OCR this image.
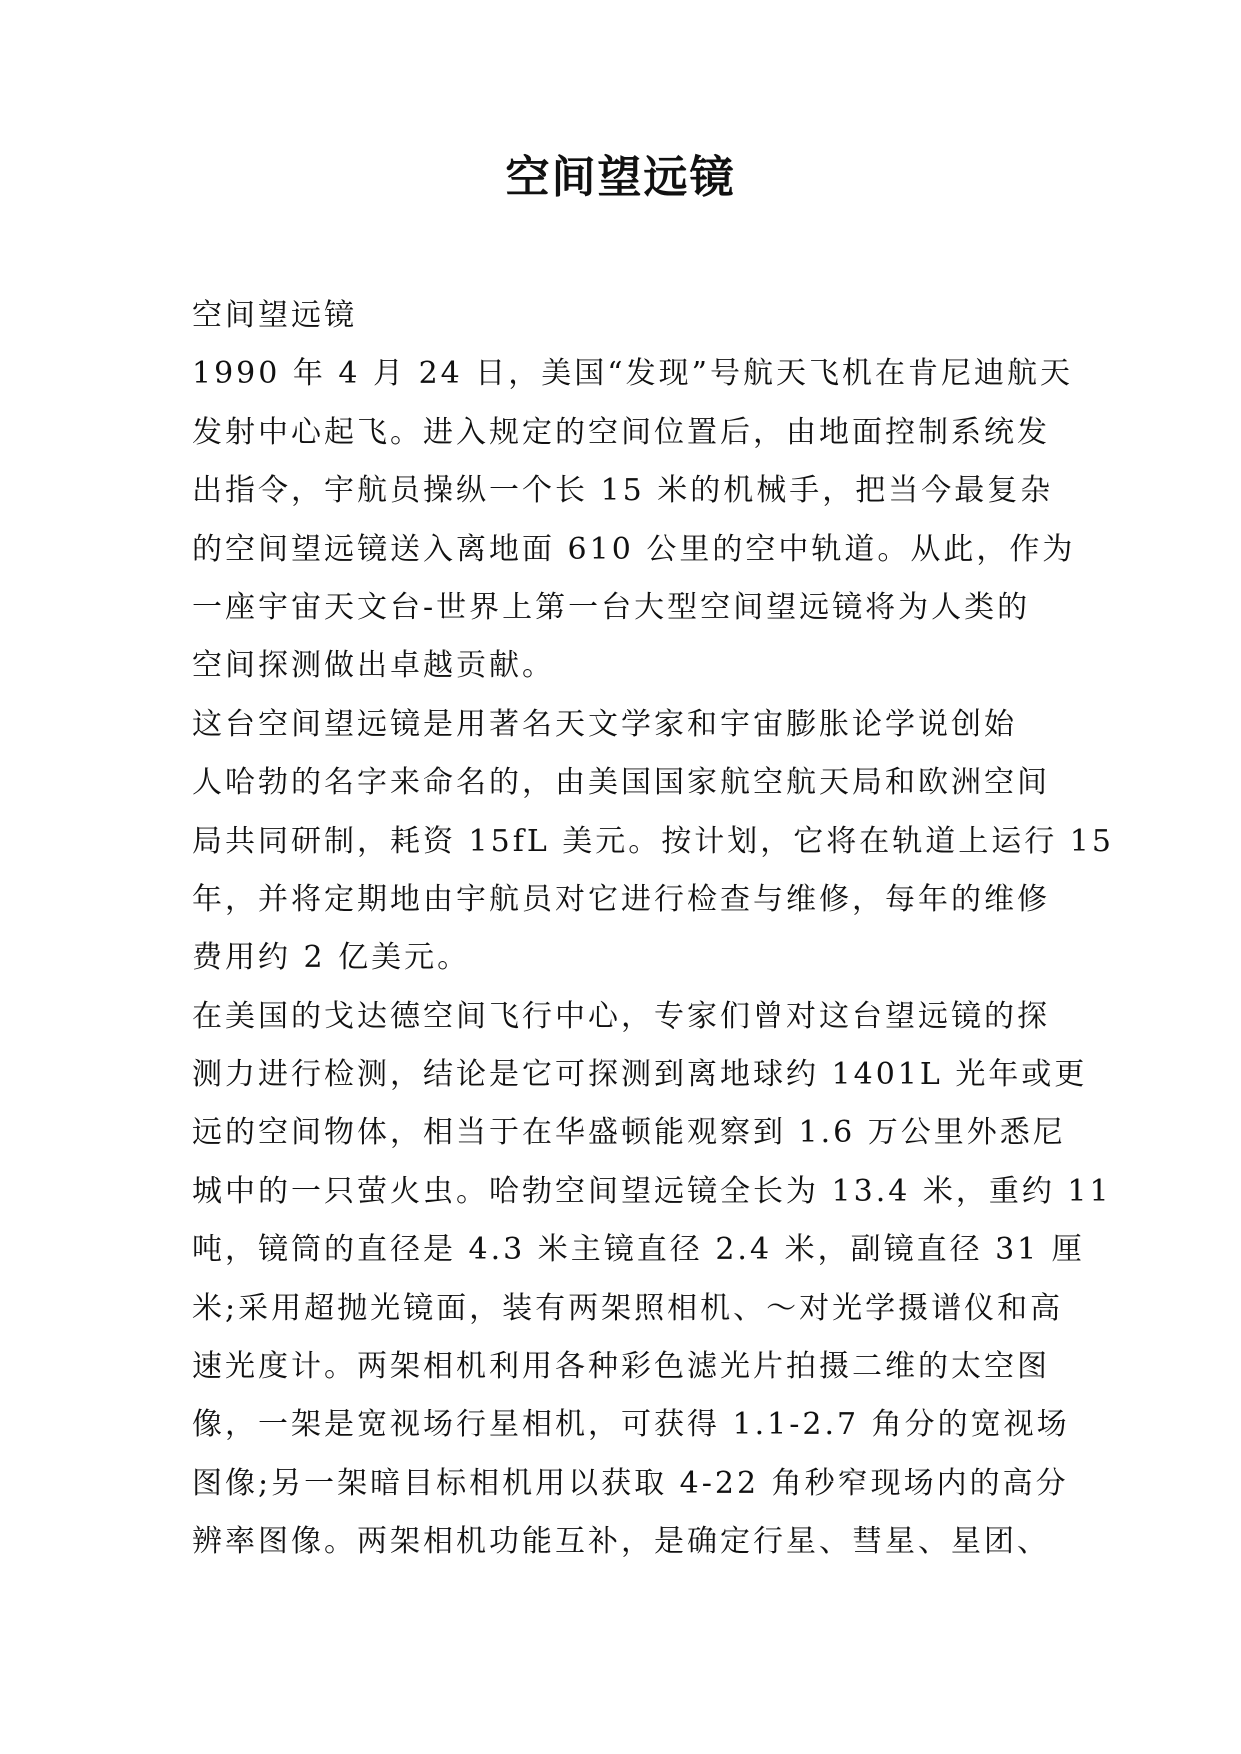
空间望远镜
空间望远镜
1990 年 4 月 24 日，美国“发现”号航天飞机在肯尼迪航天
发射中心起飞。进入规定的空间位置后，由地面控制系统发
出指令，宇航员操纵一个长 15 米的机械手，把当今最复杂
的空间望远镜送入离地面 610 公里的空中轨道。从此，作为
一座宇宙天文台-世界上第一台大型空间望远镜将为人类的
空间探测做出卓越贡献。
这台空间望远镜是用著名天文学家和宇宙膨胀论学说创始
人哈勃的名字来命名的，由美国国家航空航天局和欧洲空间
局共同研制，耗资 15fL 美元。按计划，它将在轨道上运行 15
年，并将定期地由宇航员对它进行检查与维修，每年的维修
费用约 2 亿美元。
在美国的戈达德空间飞行中心，专家们曾对这台望远镜的探
测力进行检测，结论是它可探测到离地球约 1401L 光年或更
远的空间物体，相当于在华盛顿能观察到 1.6 万公里外悉尼
城中的一只萤火虫。哈勃空间望远镜全长为 13.4 米，重约 11
吨，镜筒的直径是 4.3 米主镜直径 2.4 米，副镜直径 31 厘
米;采用超抛光镜面，装有两架照相机、～对光学摄谱仪和高
速光度计。两架相机利用各种彩色滤光片拍摄二维的太空图
像，一架是宽视场行星相机，可获得 1.1-2.7 角分的宽视场
图像;另一架暗目标相机用以获取 4-22 角秒窄现场内的高分
辨率图像。两架相机功能互补，是确定行星、彗星、星团、
